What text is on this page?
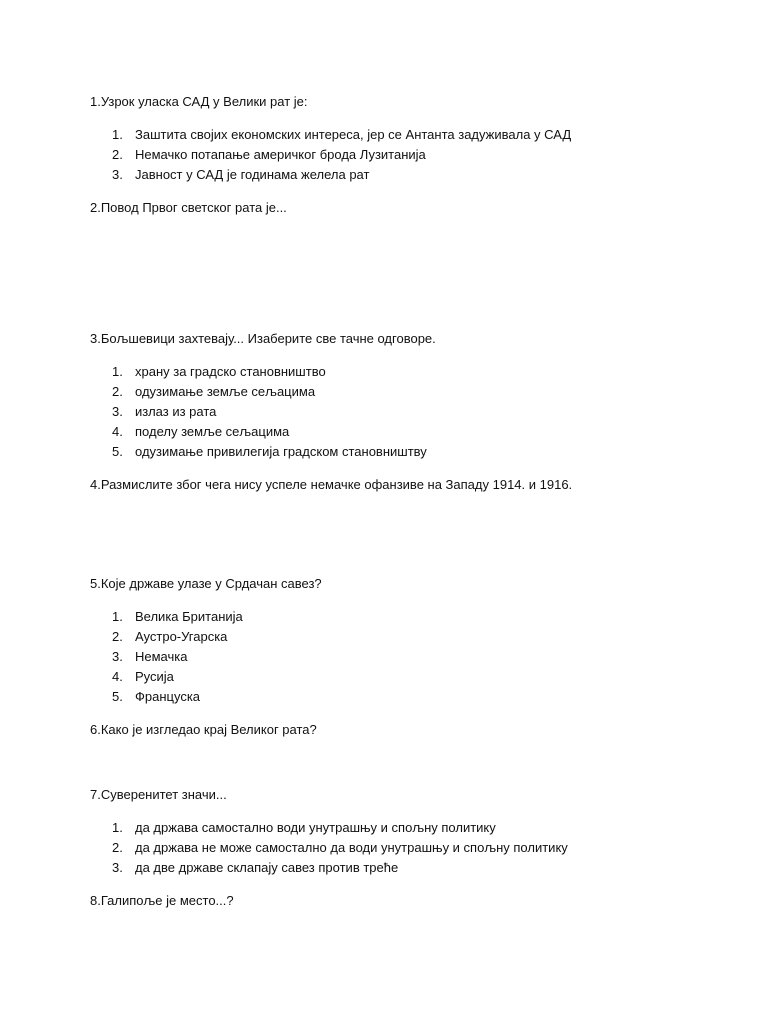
1.Узрок уласка САД у Велики рат је:

1. Заштита својих економских интереса, јер се Антанта задуживала у САД
2. Немачко потапање америчког брода Лузитанија
3. Јавност у САД је годинама желела рат

2.Повод Првог светског рата је...

3.Бољшевици захтевају... Изаберите све тачне одговоре.

1. храну за градско становништво
2. одузимање земље сељацима
3. излаз из рата
4. поделу земље сељацима
5. одузимање привилегија градском становништву

4.Размислите због чега нису успеле немачке офанзиве на Западу 1914. и 1916.

5.Које државе улазе у Срдачан савез?

1. Велика Британија
2. Аустро-Угарска
3. Немачка
4. Русија
5. Француска

6.Како је изгледао крај Великог рата?

7.Суверенитет значи...

1. да држава самостално води унутрашњу и спољну политику
2. да држава не може самостално да води унутрашњу и спољну политику
3. да две државе склапају савез против треће

8.Галипоље је место...?
